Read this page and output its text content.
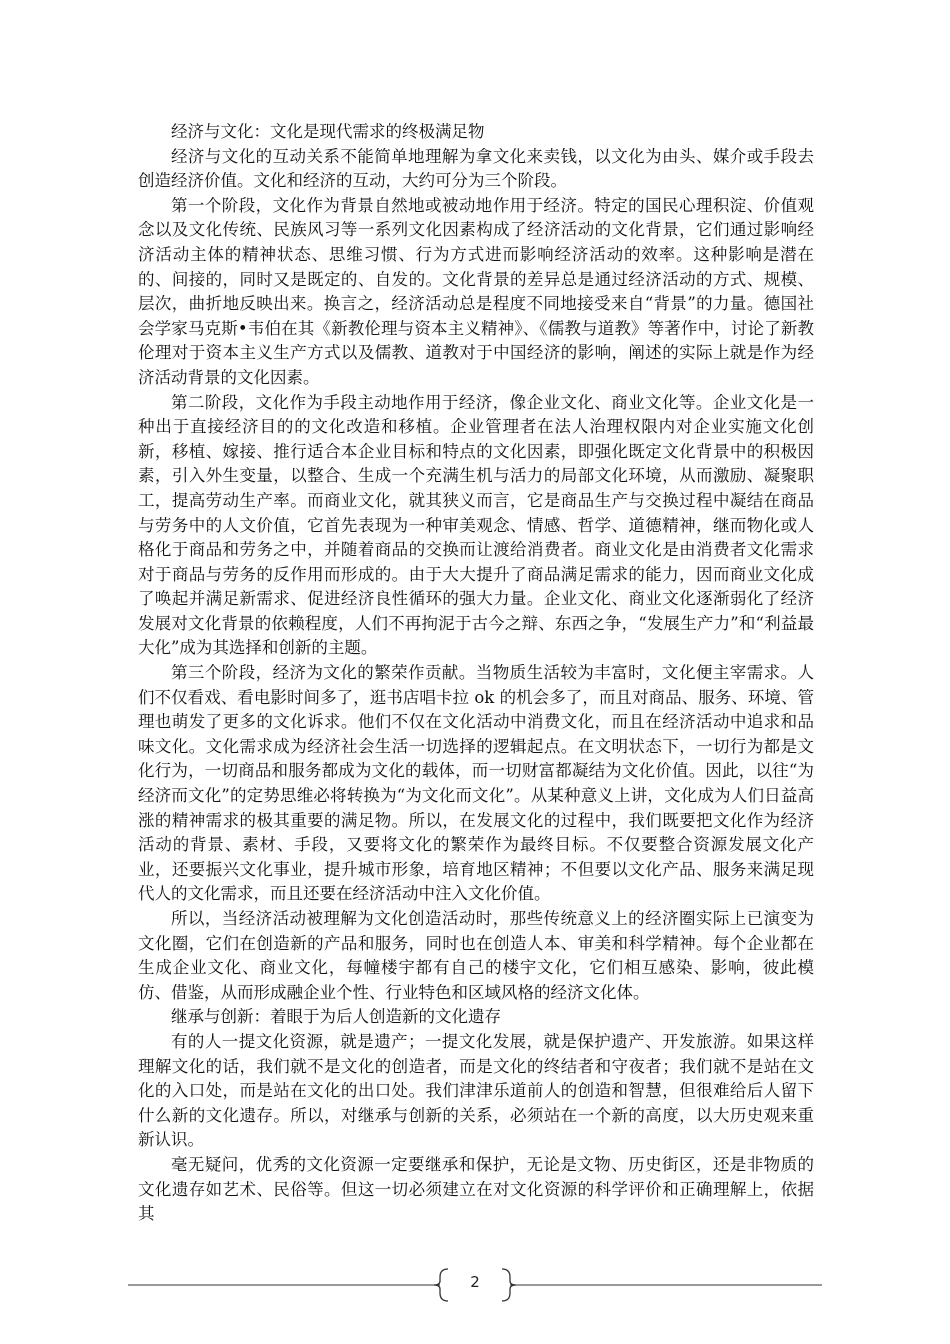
经济与文化：文化是现代需求的终极满足物

经济与文化的互动关系不能简单地理解为拿文化来卖钱，以文化为由头、媒介或手段去创造经济价值。文化和经济的互动，大约可分为三个阶段。

第一个阶段，文化作为背景自然地或被动地作用于经济。特定的国民心理积淀、价值观念以及文化传统、民族风习等一系列文化因素构成了经济活动的文化背景，它们通过影响经济活动主体的精神状态、思维习惯、行为方式进而影响经济活动的效率。这种影响是潜在的、间接的，同时又是既定的、自发的。文化背景的差异总是通过经济活动的方式、规模、层次，曲折地反映出来。换言之，经济活动总是程度不同地接受来自“背景”的力量。德国社会学家马克斯•韦伯在其《新教伦理与资本主义精神》、《儒教与道教》等著作中，讨论了新教伦理对于资本主义生产方式以及儒教、道教对于中国经济的影响，阐述的实际上就是作为经济活动背景的文化因素。

第二阶段，文化作为手段主动地作用于经济，像企业文化、商业文化等。企业文化是一种出于直接经济目的的文化改造和移植。企业管理者在法人治理权限内对企业实施文化创新，移植、嫁接、推行适合本企业目标和特点的文化因素，即强化既定文化背景中的积极因素，引入外生变量，以整合、生成一个充满生机与活力的局部文化环境，从而激励、凝聚职工，提高劳动生产率。而商业文化，就其狭义而言，它是商品生产与交换过程中凝结在商品与劳务中的人文价值，它首先表现为一种审美观念、情感、哲学、道德精神，继而物化或人格化于商品和劳务之中，并随着商品的交换而让渡给消费者。商业文化是由消费者文化需求对于商品与劳务的反作用而形成的。由于大大提升了商品满足需求的能力，因而商业文化成了唤起并满足新需求、促进经济良性循环的强大力量。企业文化、商业文化逐渐弱化了经济发展对文化背景的依赖程度，人们不再拘泥于古今之辩、东西之争，“发展生产力”和“利益最大化”成为其选择和创新的主题。

第三个阶段，经济为文化的繁荣作贡献。当物质生活较为丰富时，文化便主宰需求。人们不仅看戏、看电影时间多了，逛书店唱卡拉 ok 的机会多了，而且对商品、服务、环境、管理也萌发了更多的文化诉求。他们不仅在文化活动中消费文化，而且在经济活动中追求和品味文化。文化需求成为经济社会生活一切选择的逻辑起点。在文明状态下，一切行为都是文化行为，一切商品和服务都成为文化的载体，而一切财富都凝结为文化价值。因此，以往“为经济而文化”的定势思维必将转换为“为文化而文化”。从某种意义上讲，文化成为人们日益高涨的精神需求的极其重要的满足物。所以，在发展文化的过程中，我们既要把文化作为经济活动的背景、素材、手段，又要将文化的繁荣作为最终目标。不仅要整合资源发展文化产业，还要振兴文化事业，提升城市形象，培育地区精神；不但要以文化产品、服务来满足现代人的文化需求，而且还要在经济活动中注入文化价值。

所以，当经济活动被理解为文化创造活动时，那些传统意义上的经济圈实际上已演变为文化圈，它们在创造新的产品和服务，同时也在创造人本、审美和科学精神。每个企业都在生成企业文化、商业文化，每幢楼宇都有自己的楼宇文化，它们相互感染、影响，彼此模仿、借鉴，从而形成融企业个性、行业特色和区域风格的经济文化体。

继承与创新：着眼于为后人创造新的文化遗存

有的人一提文化资源，就是遗产；一提文化发展，就是保护遗产、开发旅游。如果这样理解文化的话，我们就不是文化的创造者，而是文化的终结者和守夜者；我们就不是站在文化的入口处，而是站在文化的出口处。我们津津乐道前人的创造和智慧，但很难给后人留下什么新的文化遗存。所以，对继承与创新的关系，必须站在一个新的高度，以大历史观来重新认识。

毫无疑问，优秀的文化资源一定要继承和保护，无论是文物、历史街区，还是非物质的文化遗存如艺术、民俗等。但这一切必须建立在对文化资源的科学评价和正确理解上，依据其

2
